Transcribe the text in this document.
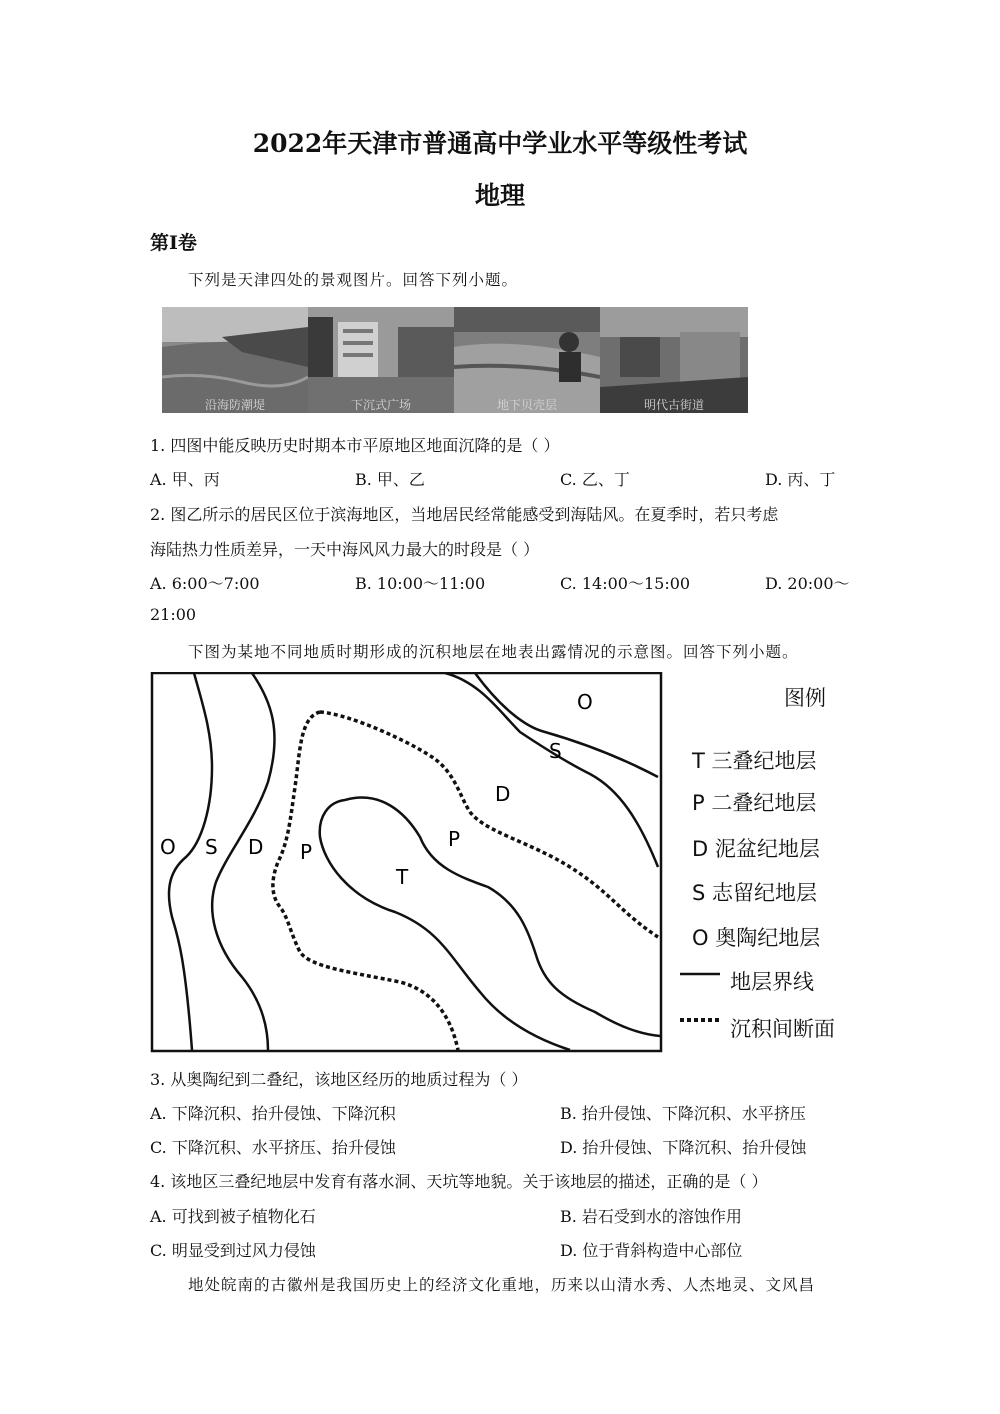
2022年天津市普通高中学业水平等级性考试
地理
第I卷
下列是天津四处的景观图片。回答下列小题。
沿海防潮堤	下沉式广场	地下贝壳层	明代古街道
1. 四图中能反映历史时期本市平原地区地面沉降的是（ ）
A. 甲、丙	B. 甲、乙	C. 乙、丁	D. 丙、丁
2. 图乙所示的居民区位于滨海地区，当地居民经常能感受到海陆风。在夏季时，若只考虑
海陆热力性质差异，一天中海风风力最大的时段是（ ）
A. 6:00～7:00	B. 10:00～11:00	C. 14:00～15:00	D. 20:00～
21:00
下图为某地不同地质时期形成的沉积地层在地表出露情况的示意图。回答下列小题。
O S D P
T
P
D
S
O	图例
T 三叠纪地层
P 二叠纪地层
D 泥盆纪地层
S 志留纪地层
O 奥陶纪地层
地层界线
沉积间断面
3. 从奥陶纪到二叠纪，该地区经历的地质过程为（ ）
A. 下降沉积、抬升侵蚀、下降沉积	B. 抬升侵蚀、下降沉积、水平挤压
C. 下降沉积、水平挤压、抬升侵蚀	D. 抬升侵蚀、下降沉积、抬升侵蚀
4. 该地区三叠纪地层中发育有落水洞、天坑等地貌。关于该地层的描述，正确的是（ ）
A. 可找到被子植物化石	B. 岩石受到水的溶蚀作用
C. 明显受到过风力侵蚀	D. 位于背斜构造中心部位
地处皖南的古徽州是我国历史上的经济文化重地，历来以山清水秀、人杰地灵、文风昌
